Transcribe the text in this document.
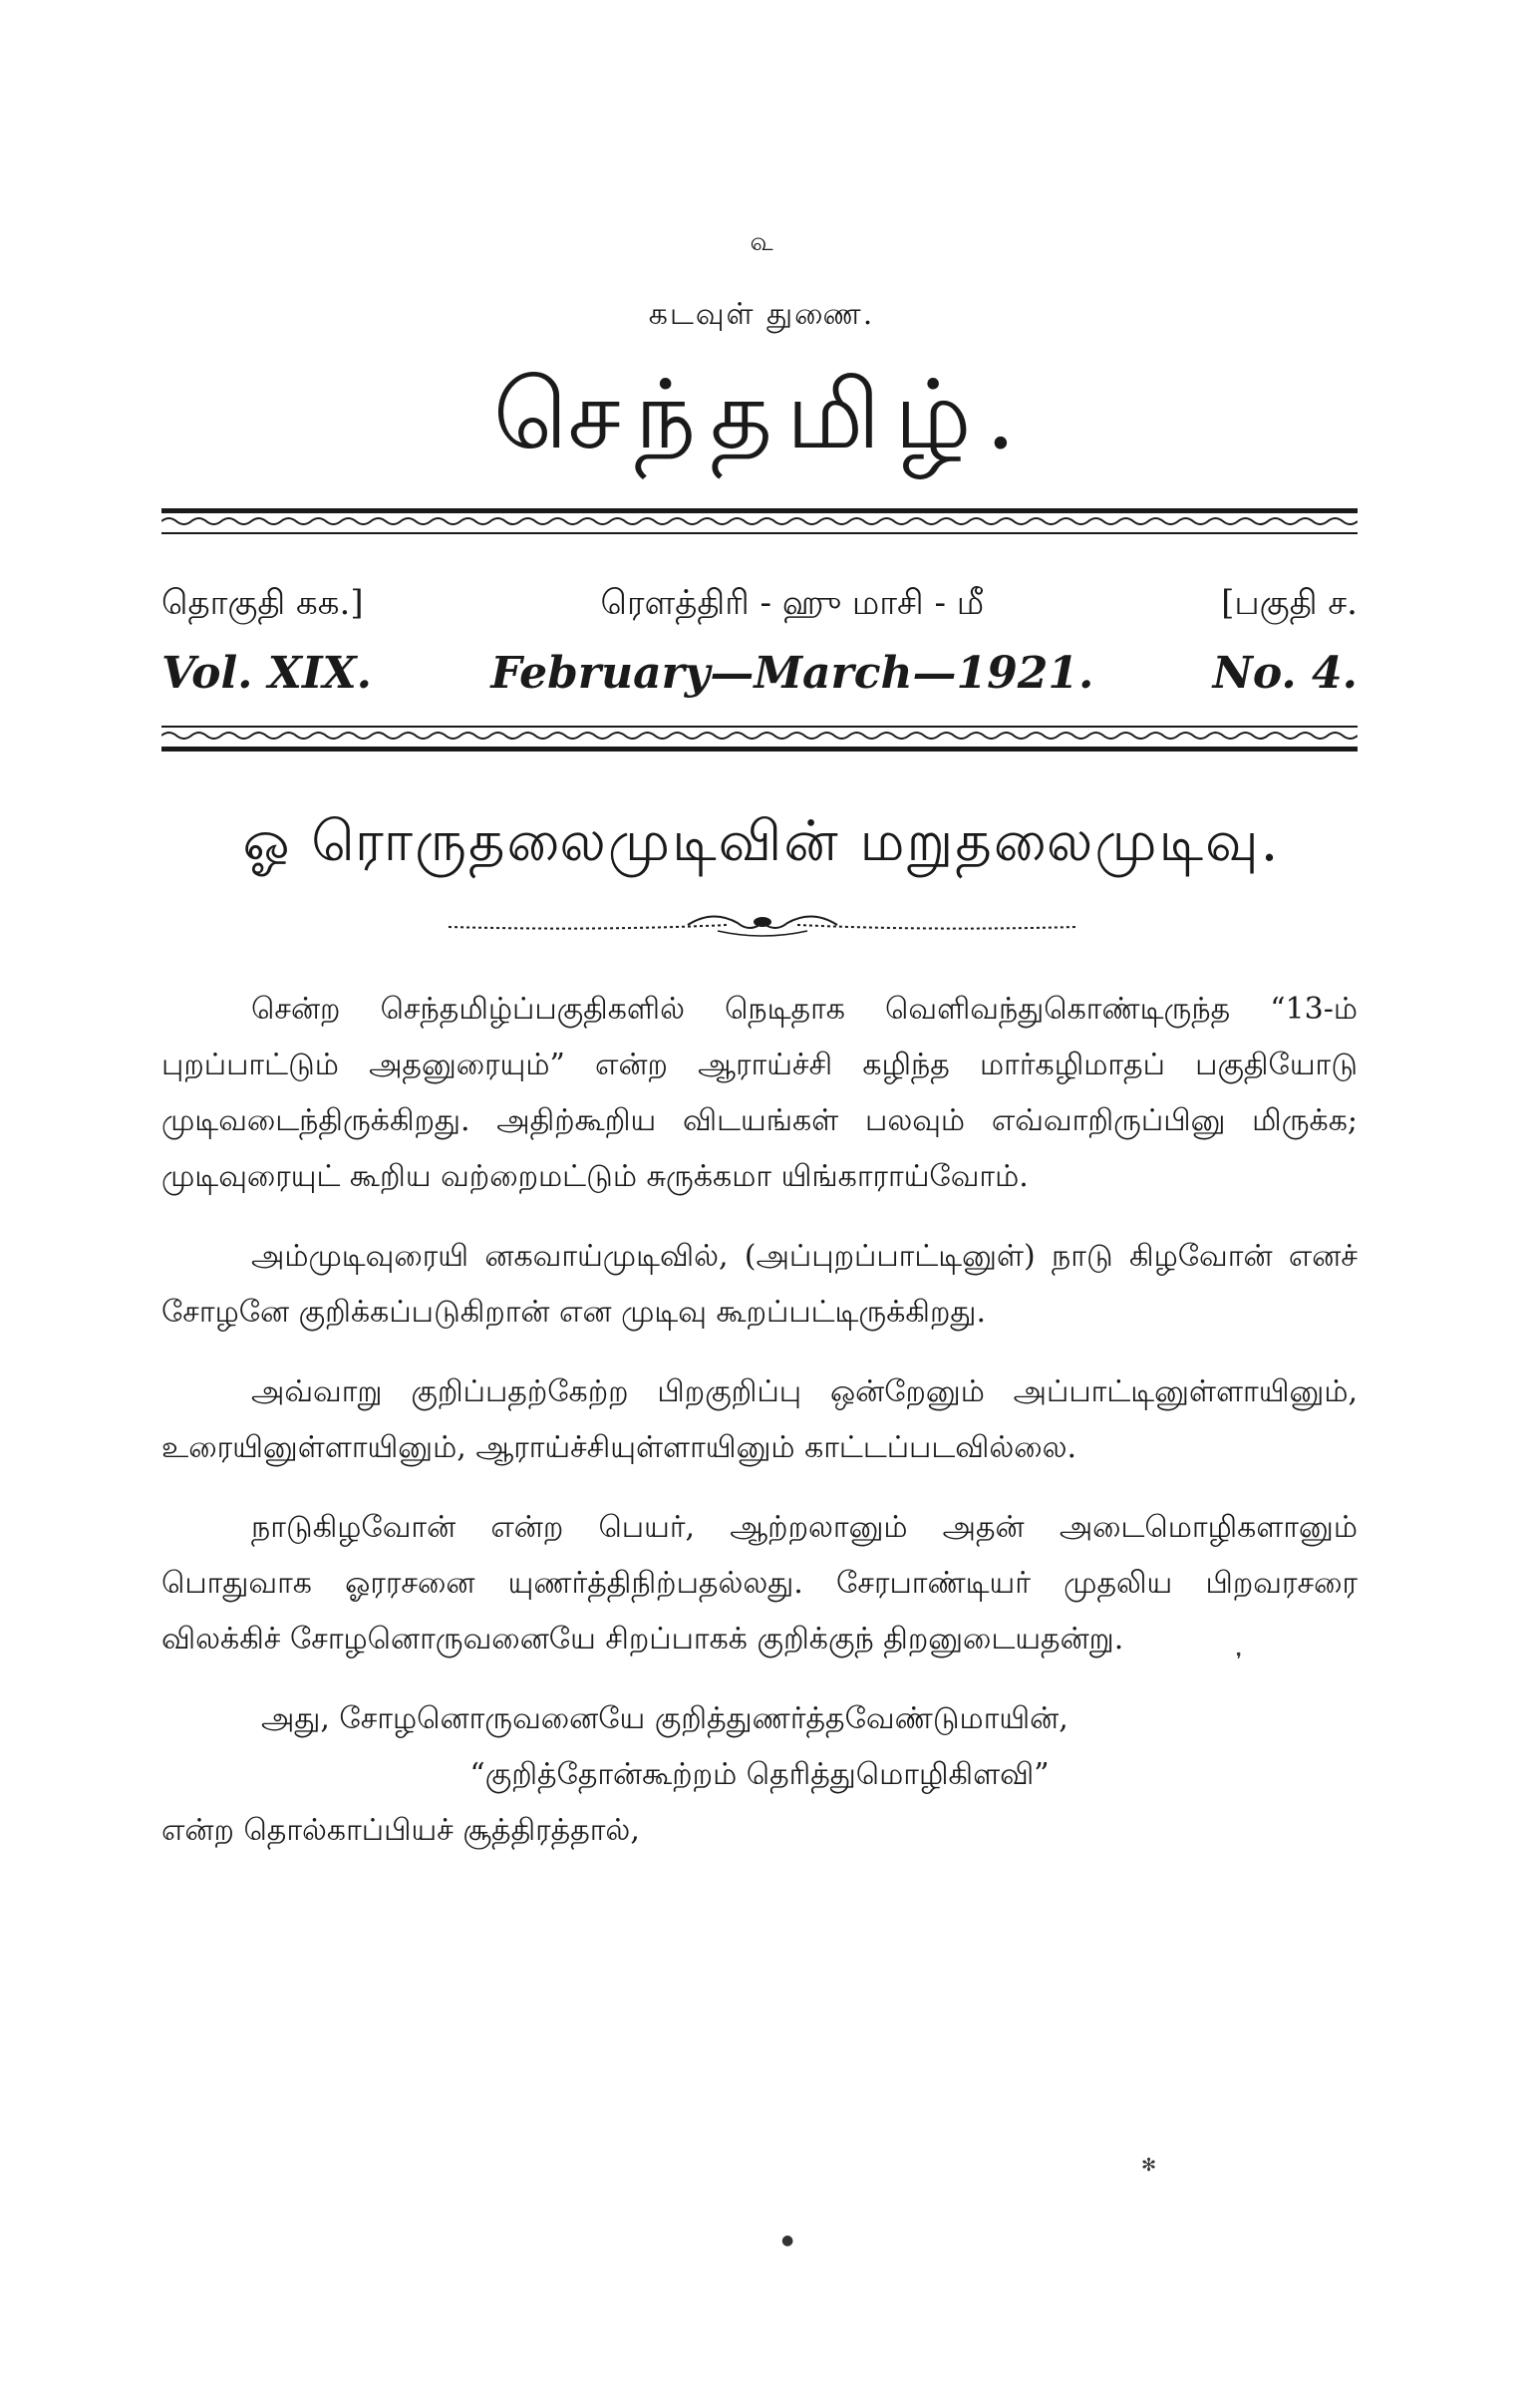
௳
கடவுள் துணை.
செந்தமிழ்.
தொகுதி கக.]	ரௌத்திரி - ஹு மாசி - மீ	[பகுதி ச.
Vol. XIX.	February—March—1921.	No. 4.
ஓ ரொருதலைமுடிவின் மறுதலைமுடிவு.

சென்ற செந்தமிழ்ப்பகுதிகளில் நெடிதாக வெளிவந்துகொண்டிருந்த “13-ம் புறப்பாட்டும் அதனுரையும்” என்ற ஆராய்ச்சி கழிந்த மார்கழிமாதப் பகுதியோடு முடிவடைந்திருக்கிறது. அதிற்கூறிய விடயங்கள் பலவும் எவ்வாறிருப்பினு மிருக்க; முடிவுரையுட் கூறிய வற்றைமட்டும் சுருக்கமா யிங்காராய்வோம்.

அம்முடிவுரையி னகவாய்முடிவில், (அப்புறப்பாட்டினுள்) நாடு கிழவோன் எனச் சோழனே குறிக்கப்படுகிறான் என முடிவு கூறப்பட்டிருக்கிறது.

அவ்வாறு குறிப்பதற்கேற்ற பிறகுறிப்பு ஒன்றேனும் அப்பாட்டினுள்ளாயினும், உரையினுள்ளாயினும், ஆராய்ச்சியுள்ளாயினும் காட்டப்படவில்லை.

நாடுகிழவோன் என்ற பெயர், ஆற்றலானும் அதன் அடைமொழிகளானும் பொதுவாக ஓரரசனை யுணர்த்திநிற்பதல்லது. சேரபாண்டியர் முதலிய பிறவரசரை விலக்கிச் சோழனொருவனையே சிறப்பாகக் குறிக்குந் திறனுடையதன்று.

அது, சோழனொருவனையே குறித்துணர்த்தவேண்டுமாயின்,

“குறித்தோன்கூற்றம் தெரித்துமொழிகிளவி”

என்ற தொல்காப்பியச் சூத்திரத்தால்,

❜
✻
●
